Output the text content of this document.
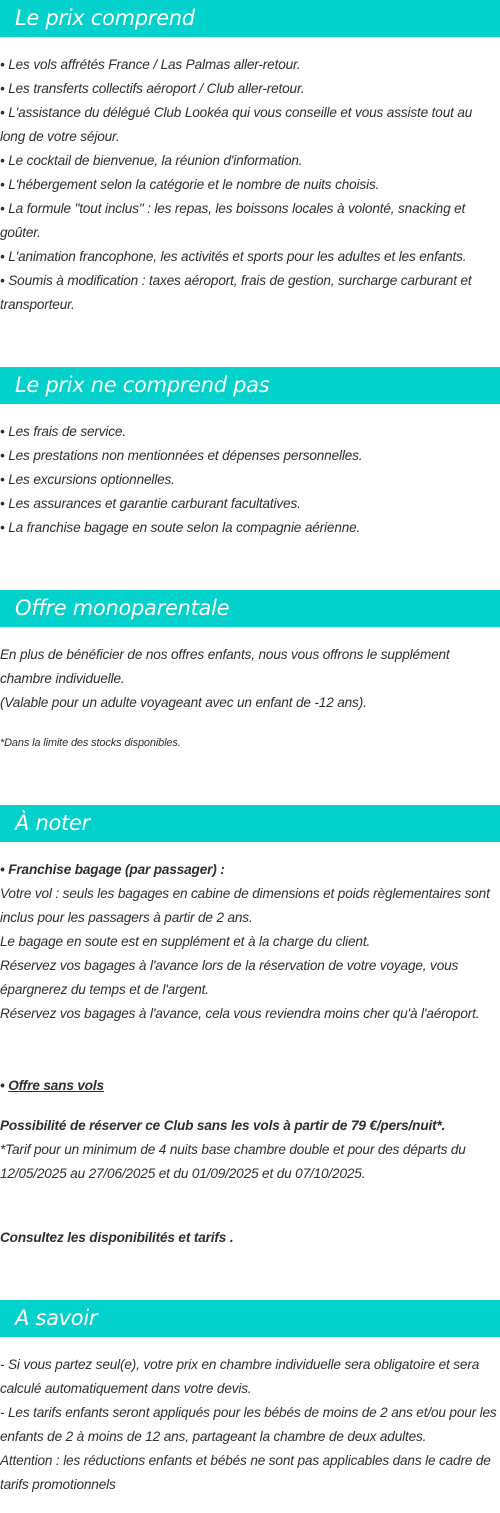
Le prix comprend

• Les vols affrétés France / Las Palmas aller-retour.

• Les transferts collectifs aéroport / Club aller-retour.

• L'assistance du délégué Club Lookéa qui vous conseille et vous assiste tout au long de votre séjour.

• Le cocktail de bienvenue, la réunion d'information.

• L'hébergement selon la catégorie et le nombre de nuits choisis.

• La formule "tout inclus" : les repas, les boissons locales à volonté, snacking et goûter.

• L'animation francophone, les activités et sports pour les adultes et les enfants.

• Soumis à modification : taxes aéroport, frais de gestion, surcharge carburant et transporteur.

Le prix ne comprend pas

• Les frais de service.

• Les prestations non mentionnées et dépenses personnelles.

• Les excursions optionnelles.

• Les assurances et garantie carburant facultatives.

• La franchise bagage en soute selon la compagnie aérienne.

Offre monoparentale

En plus de bénéficier de nos offres enfants, nous vous offrons le supplément chambre individuelle.

(Valable pour un adulte voyageant avec un enfant de -12 ans).

*Dans la limite des stocks disponibles.

À noter

• Franchise bagage (par passager) :

Votre vol : seuls les bagages en cabine de dimensions et poids règlementaires sont inclus pour les passagers à partir de 2 ans.

Le bagage en soute est en supplément et à la charge du client.

Réservez vos bagages à l'avance lors de la réservation de votre voyage, vous épargnerez du temps et de l'argent.

Réservez vos bagages à l'avance, cela vous reviendra moins cher qu'à l'aéroport.

• Offre sans vols

Possibilité de réserver ce Club sans les vols à partir de 79 €/pers/nuit*.

*Tarif pour un minimum de 4 nuits base chambre double et pour des départs du 12/05/2025 au 27/06/2025 et du 01/09/2025 et du 07/10/2025.

Consultez les disponibilités et tarifs .

A savoir

- Si vous partez seul(e), votre prix en chambre individuelle sera obligatoire et sera calculé automatiquement dans votre devis.

- Les tarifs enfants seront appliqués pour les bébés de moins de 2 ans et/ou pour les enfants de 2 à moins de 12 ans, partageant la chambre de deux adultes.

Attention : les réductions enfants et bébés ne sont pas applicables dans le cadre de tarifs promotionnels
